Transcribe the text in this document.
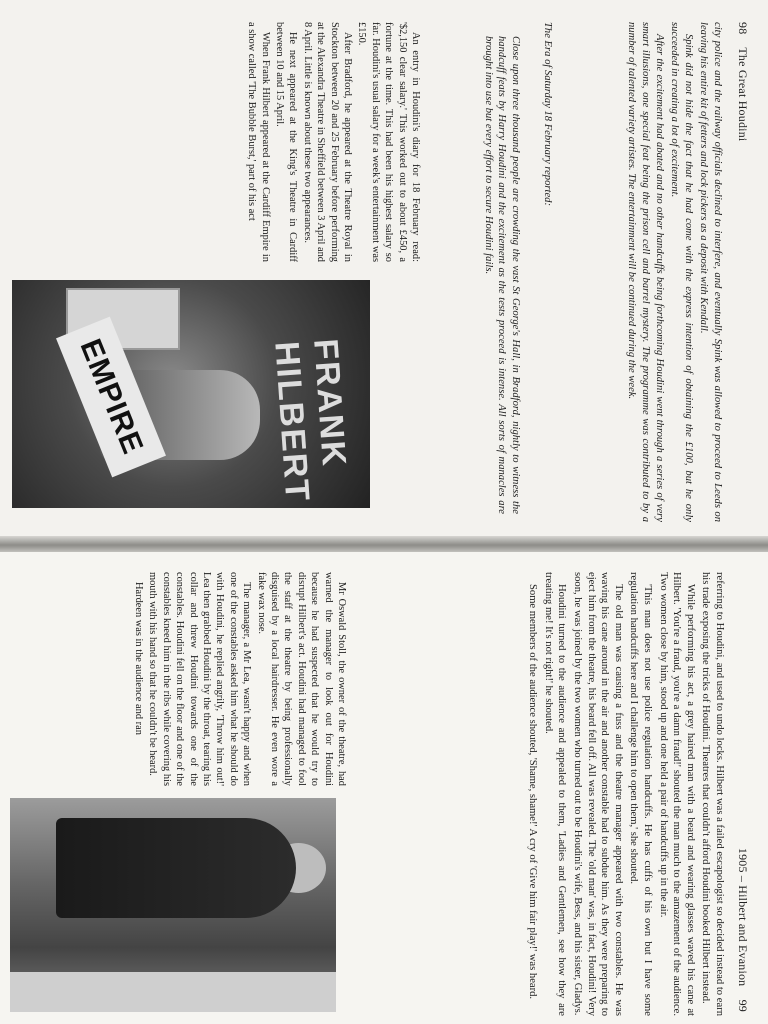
98 The Great Houdini

city police and the railway officials declined to interfere, and eventually Spink was allowed to proceed to Leeds on leaving his entire kit of fetters and lock pickers as a deposit with Kendall.

Spink did not hide the fact that he had come with the express intention of obtaining the £100, but he only succeeded in creating a lot of excitement.

After the excitement had abated and no other handcuffs being forthcoming Houdini went through a series of very smart illusions, one special feat being the prison cell and barrel mystery. The programme was contributed to by a number of talented variety artistes. The entertainment will be continued during the week.

The Era of Saturday 18 February reported:

Close upon three thousand people are crowding the vast St George's Hall, in Bradford, nightly to witness the handcuff feats by Harry Houdini and the excitement as the tests proceed is intense. All sorts of manacles are brought into use but every effort to secure Houdini fails.

An entry in Houdini's diary for 18 February read: '$2,150 clear salary.' This worked out to about £450, a fortune at the time. This had been his highest salary so far. Houdini's usual salary for a week's entertainment was £150.

After Bradford, he appeared at the Theatre Royal in Stockton between 20 and 25 February before performing at the Alexandra Theatre in Sheffield between 3 April and 8 April. Little is known about these two appearances.

He next appeared at the King's Theatre in Cardiff between 10 and 15 April.

When Frank Hilbert appeared at the Cardiff Empire in a show called 'The Bubble Burst,' part of his act

FRANK HILBERT
EMPIRE
1905 – Hilbert and Evanion 99

referring to Houdini, and used to undo locks. Hilbert was a failed escapologist so decided instead to earn his trade exposing the tricks of Houdini. Theatres that couldn't afford Houdini booked Hilbert instead.

While performing his act, a grey haired man with a beard and wearing glasses waved his cane at Hilbert. 'You're a fraud, you're a damn fraud!' shouted the man much to the amazement of the audience. Two women close by him, stood up and one held a pair of handcuffs up in the air.

'This man does not use police regulation handcuffs. He has cuffs of his own but I have some regulation handcuffs here and I challenge him to open them,' she shouted.

The old man was causing a fuss and the theatre manager appeared with two constables. He was waving his cane around in the air and another constable had to subdue him. As they were preparing to eject him from the theatre, his beard fell off. All was revealed. The 'old man' was, in fact, Houdini! Very soon, he was joined by the two women who turned out to be Houdini's wife, Bess, and his sister, Gladys.

Houdini turned to the audience and appealed to them, 'Ladies and Gentlemen, see how they are treating me! It's not right!' he shouted.

Some members of the audience shouted, 'Shame, shame!' A cry of 'Give him fair play!' was heard.

Mr Oswald Stoll, the owner of the theatre, had warned the manager to look out for Houdini because he had suspected that he would try to disrupt Hilbert's act. Houdini had managed to fool the staff at the theatre by being professionally disguised by a local hairdresser. He even wore a fake wax nose.

The manager, a Mr Lea, wasn't happy and when one of the constables asked him what he should do with Houdini, he replied angrily, 'Throw him out!' Lea then grabbed Houdini by the throat, tearing his collar and threw Houdini towards one of the constables. Houdini fell on the floor and one of the constables kneed him in the ribs while covering his mouth with his hand so that he couldn't be heard.

Hardeen was in the audience and ran
